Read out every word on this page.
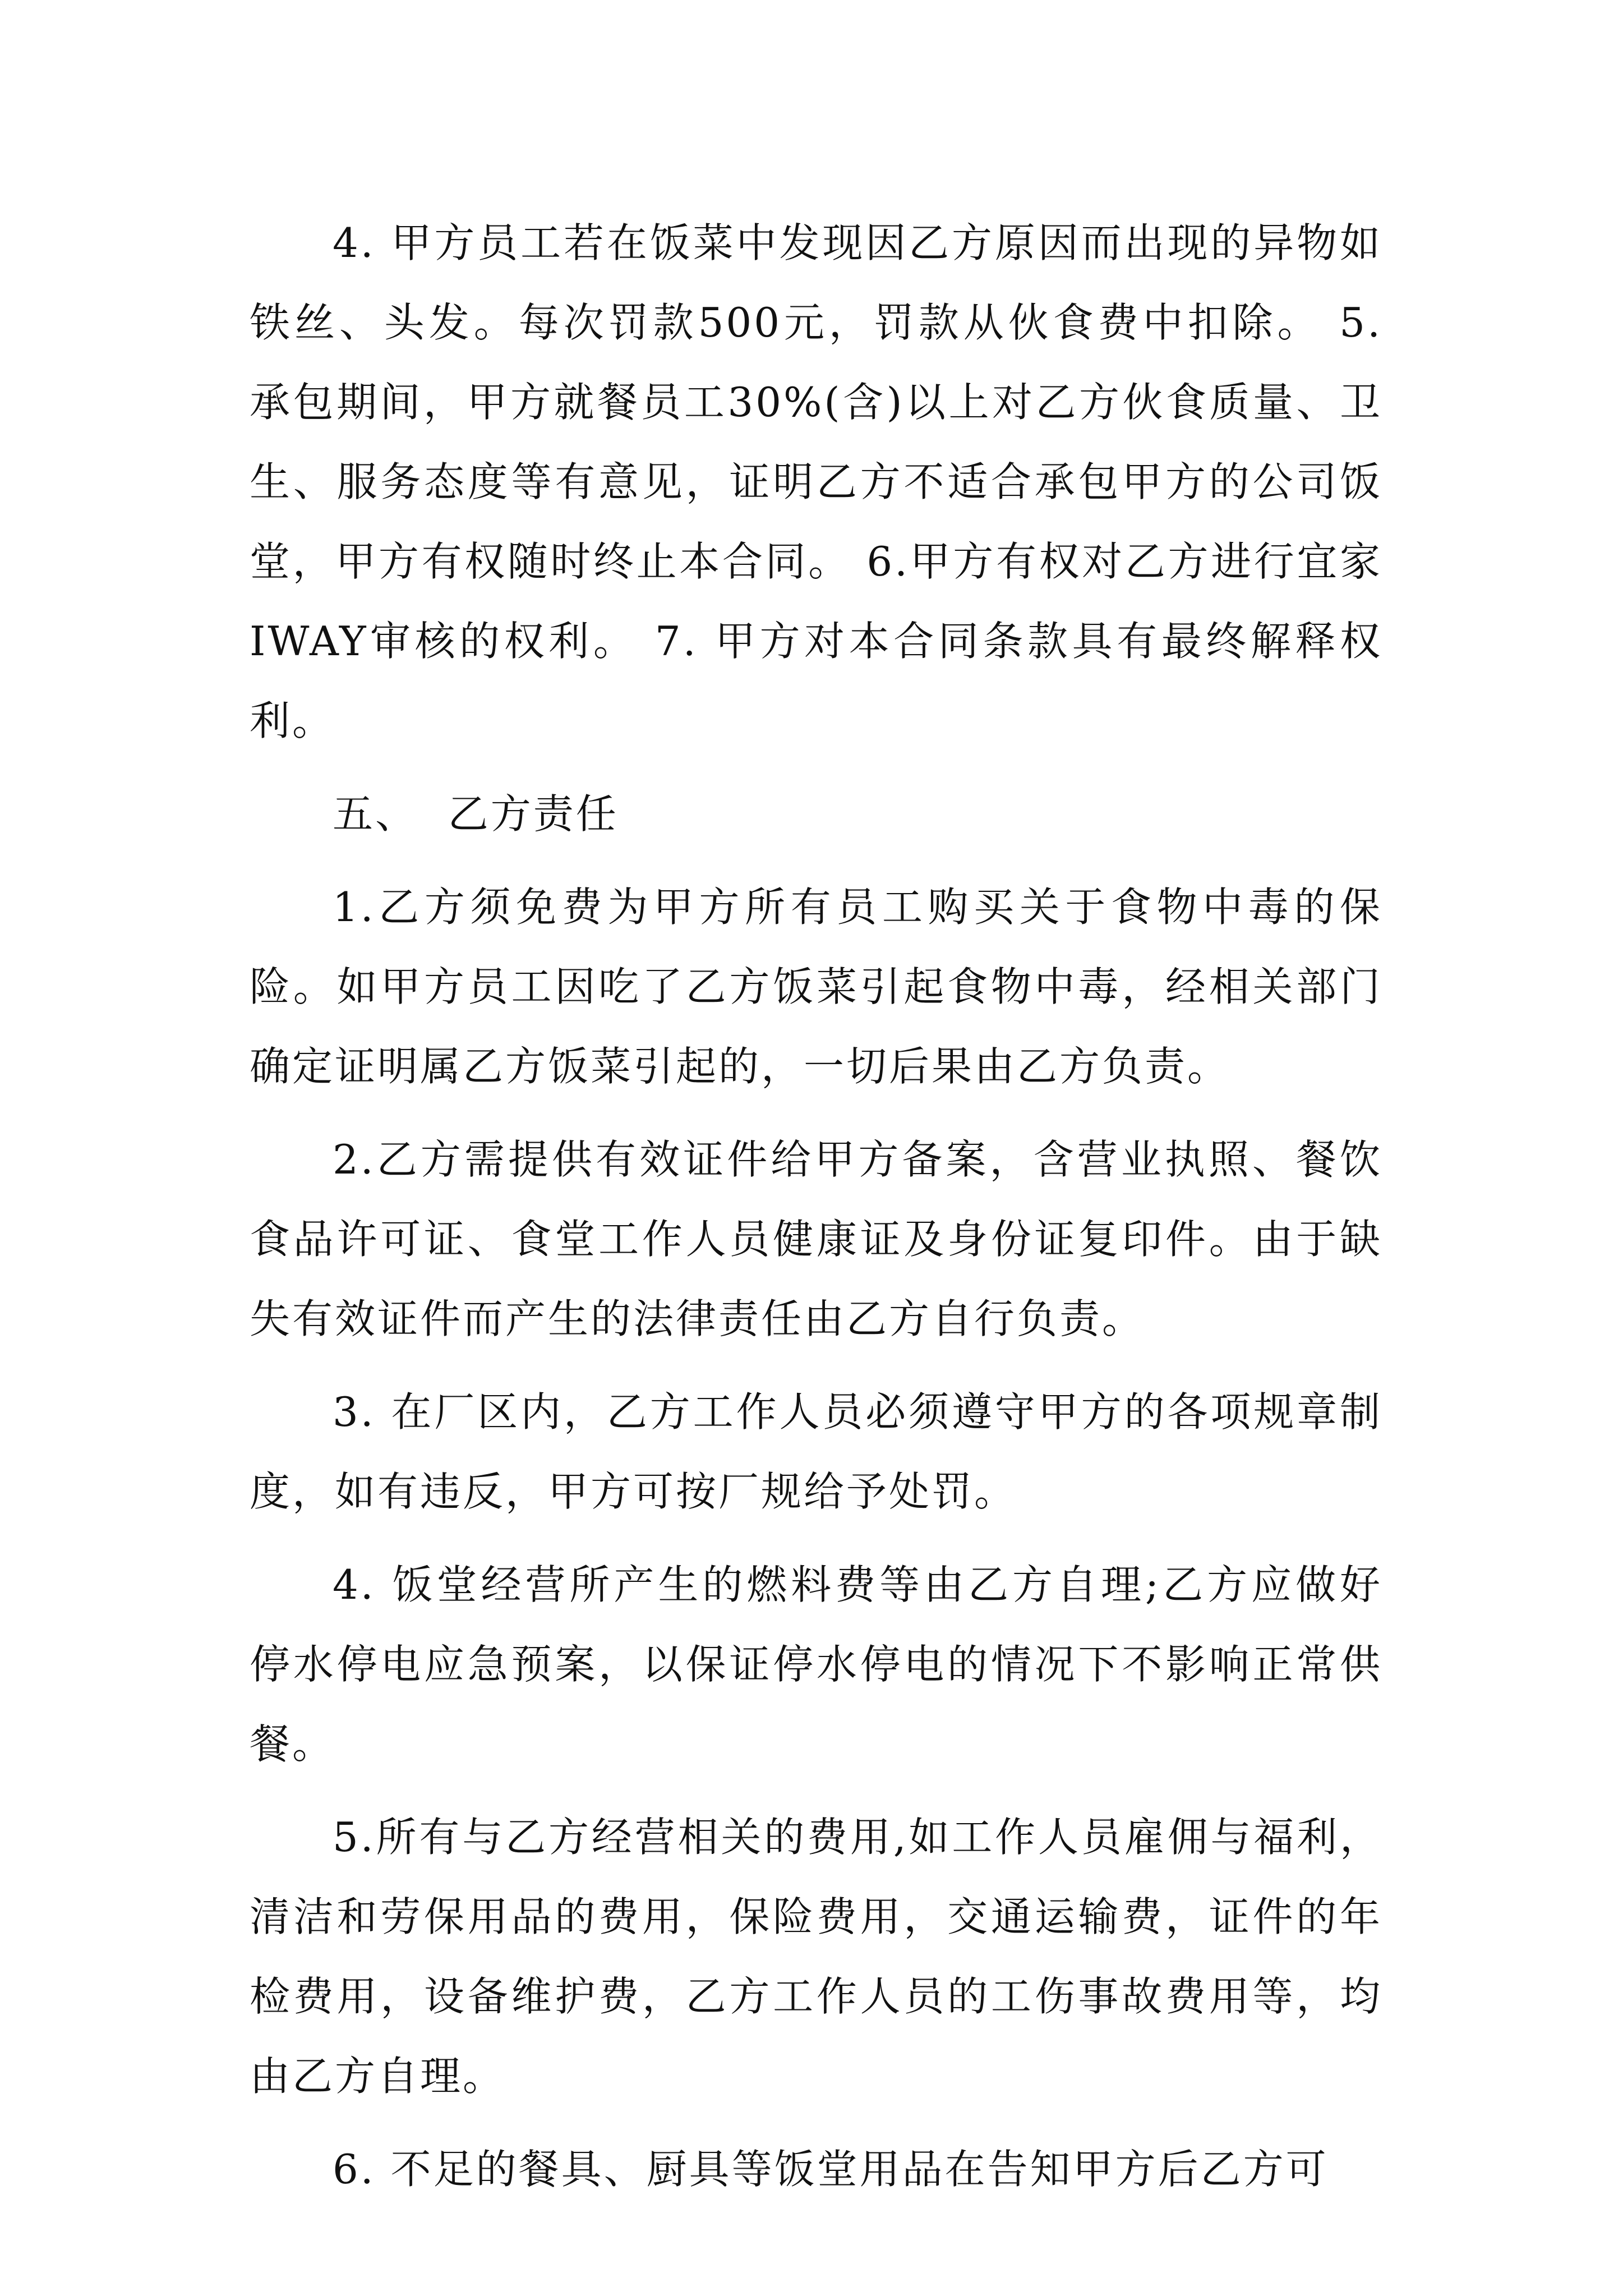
4. 甲方员工若在饭菜中发现因乙方原因而出现的异物如铁丝、头发。每次罚款500元，罚款从伙食费中扣除。 5. 承包期间，甲方就餐员工30%(含)以上对乙方伙食质量、卫生、服务态度等有意见，证明乙方不适合承包甲方的公司饭堂，甲方有权随时终止本合同。 6.甲方有权对乙方进行宜家IWAY审核的权利。 7. 甲方对本合同条款具有最终解释权利。

五、  乙方责任

1.乙方须免费为甲方所有员工购买关于食物中毒的保险。如甲方员工因吃了乙方饭菜引起食物中毒，经相关部门确定证明属乙方饭菜引起的，一切后果由乙方负责。

2.乙方需提供有效证件给甲方备案，含营业执照、餐饮食品许可证、食堂工作人员健康证及身份证复印件。由于缺失有效证件而产生的法律责任由乙方自行负责。

3. 在厂区内，乙方工作人员必须遵守甲方的各项规章制度，如有违反，甲方可按厂规给予处罚。

4. 饭堂经营所产生的燃料费等由乙方自理;乙方应做好停水停电应急预案，以保证停水停电的情况下不影响正常供餐。

5.所有与乙方经营相关的费用,如工作人员雇佣与福利，清洁和劳保用品的费用，保险费用，交通运输费，证件的年检费用，设备维护费，乙方工作人员的工伤事故费用等，均由乙方自理。

6. 不足的餐具、厨具等饭堂用品在告知甲方后乙方可
